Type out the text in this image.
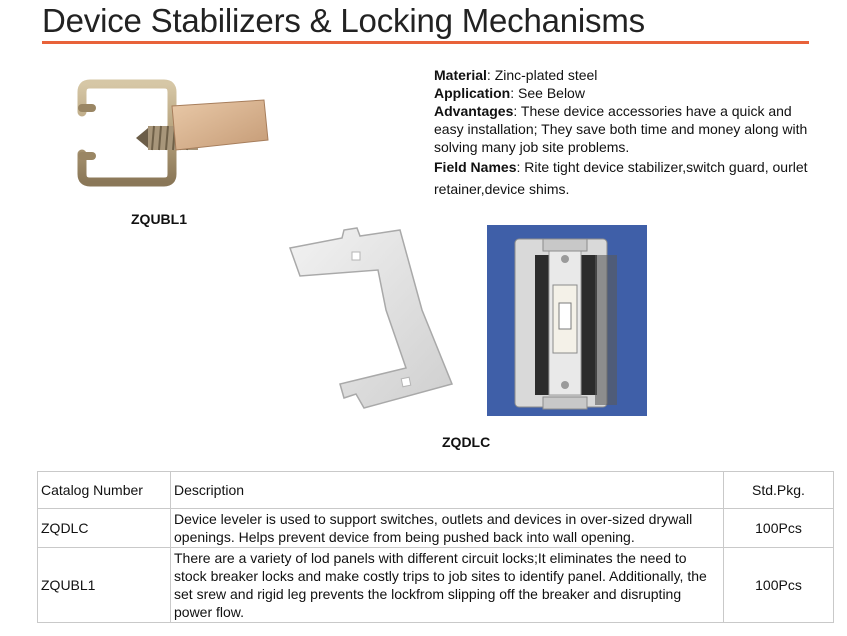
Device Stabilizers & Locking Mechanisms
ZQUBL1

Material: Zinc-plated steel

Application: See Below

Advantages: These device accessories have a quick and easy installation; They save both time and money along with solving many job site problems.

Field Names: Rite tight device stabilizer,switch guard, ourlet retainer,device shims.

ZQDLC
Catalog Number	Description	Std.Pkg.
ZQDLC	Device leveler is used to support switches, outlets and devices in over-sized drywall openings. Helps prevent device from being pushed back into wall opening.	100Pcs
ZQUBL1	There are a variety of lod panels with different circuit locks;It eliminates the need to stock breaker locks and make costly trips to job sites to identify panel. Additionally, the set srew and rigid leg prevents the lockfrom slipping off the breaker and disrupting power flow.	100Pcs
